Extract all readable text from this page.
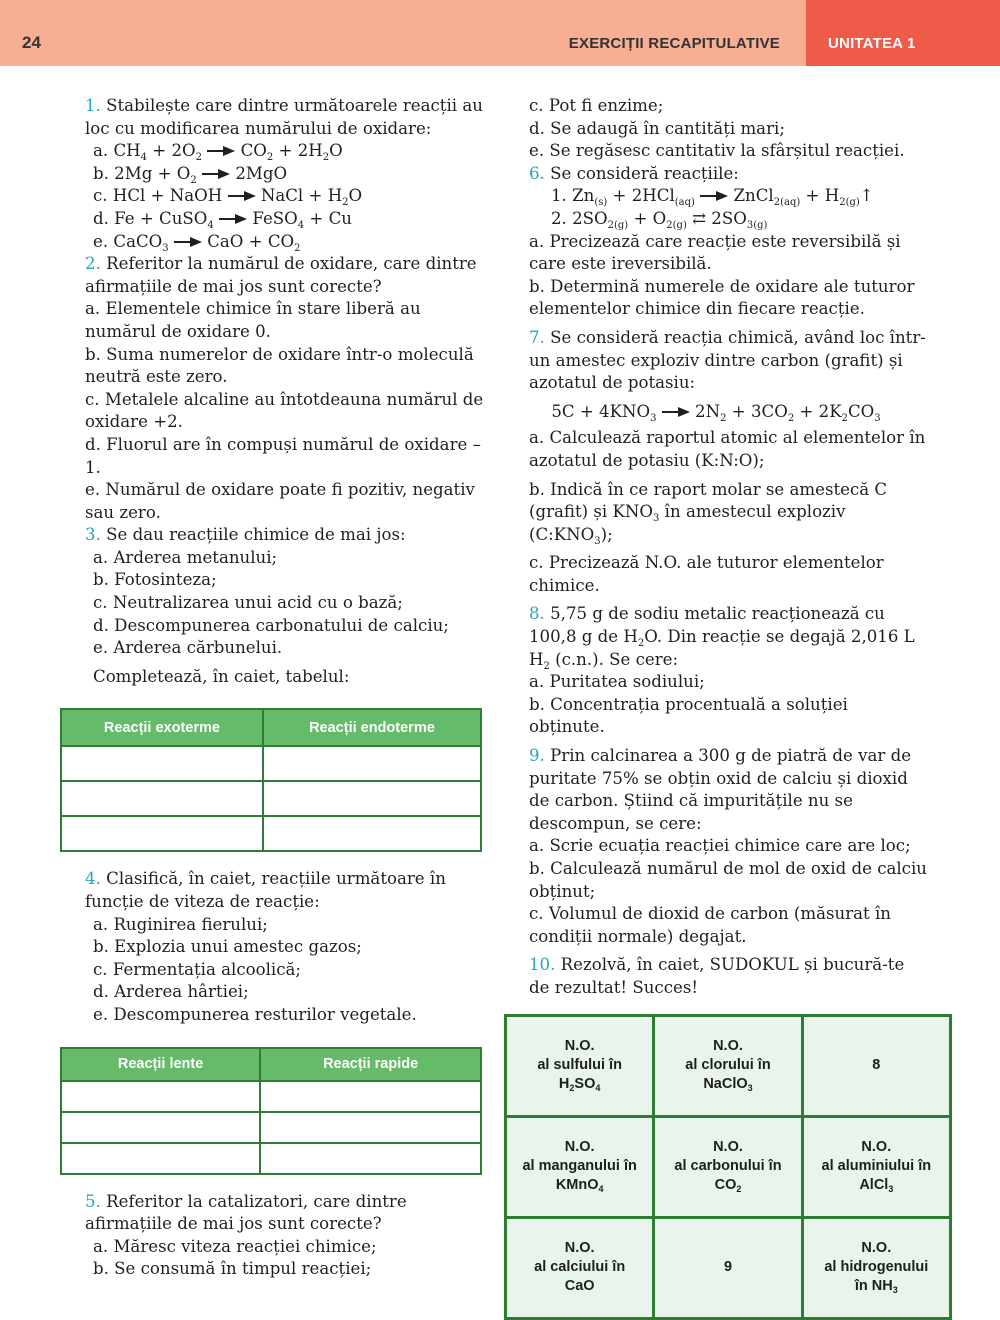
24	EXERCIȚII RECAPITULATIVE	UNITATEA 1

1. Stabilește care dintre următoarele reacții au loc cu modificarea numărului de oxidare:

a. $CH_4 + 2O_2$ $CO_2 + 2H_2O$

b. $2Mg + O_2$ 2MgO

c. HCl + NaOH NaCl + $H_2O$

d. Fe + CuSO$_4$ FeSO$_4$ + Cu

e. CaCO$_3$ CaO + $CO_2$

2. Referitor la numărul de oxidare, care dintre afirmațiile de mai jos sunt corecte?

a. Elementele chimice în stare liberă au numărul de oxidare 0.

b. Suma numerelor de oxidare într-o moleculă neutră este zero.

c. Metalele alcaline au întotdeauna numărul de oxidare +2.

d. Fluorul are în compuși numărul de oxidare –1.

e. Numărul de oxidare poate fi pozitiv, negativ sau zero.

3. Se dau reacțiile chimice de mai jos:

a. Arderea metanului;

b. Fotosinteza;

c. Neutralizarea unui acid cu o bază;

d. Descompunerea carbonatului de calciu;

e. Arderea cărbunelui.

Completează, în caiet, tabelul:

Reacții exoterme	Reacții endoterme

4. Clasifică, în caiet, reacțiile următoare în funcție de viteza de reacție:

a. Ruginirea fierului;

b. Explozia unui amestec gazos;

c. Fermentația alcoolică;

d. Arderea hârtiei;

e. Descompunerea resturilor vegetale.

Reacții lente	Reacții rapide

5. Referitor la catalizatori, care dintre afirmațiile de mai jos sunt corecte?

a. Măresc viteza reacției chimice;

b. Se consumă în timpul reacției;

c. Pot fi enzime;

d. Se adaugă în cantități mari;

e. Se regăsesc cantitativ la sfârșitul reacției.

6. Se consideră reacțiile:

1. $Zn_{(s)} + 2HCl_{(aq)}$ ZnCl$_{2(aq)}$ + $H_{2(g)}↑$

2. $2SO_{2(g)} + O_{2(g)}$ ⇄ $2SO_{3(g)}$

a. Precizează care reacție este reversibilă și care este ireversibilă.

b. Determină numerele de oxidare ale tuturor elementelor chimice din fiecare reacție.

7. Se consideră reacția chimică, având loc într-un amestec exploziv dintre carbon (grafit) și azotatul de potasiu:

$5C + 4KNO_3$ $2N_2 + 3CO_2 + 2K_2CO_3$

a. Calculează raportul atomic al elementelor în azotatul de potasiu (K:N:O);

b. Indică în ce raport molar se amestecă C (grafit) și $KNO_3$ în amestecul exploziv $(C:KNO_3)$;

c. Precizează N.O. ale tuturor elementelor chimice.

8. 5,75 g de sodiu metalic reacționează cu 100,8 g de $H_2O$. Din reacție se degajă 2,016 L $H_2$ (c.n.). Se cere:

a. Puritatea sodiului;

b. Concentrația procentuală a soluției obținute.

9. Prin calcinarea a 300 g de piatră de var de puritate 75% se obțin oxid de calciu și dioxid de carbon. Știind că impuritățile nu se descompun, se cere:

a. Scrie ecuația reacției chimice care are loc;

b. Calculează numărul de mol de oxid de calciu obținut;

c. Volumul de dioxid de carbon (măsurat în condiții normale) degajat.

10. Rezolvă, în caiet, SUDOKUL și bucură-te de rezultat! Succes!

N.O.
al sulfului în
$H_2SO_4$	N.O.
al clorului în
NaClO$_3$	8

N.O.
al manganului în
KMnO$_4$	N.O.
al carbonului în
$CO_2$	N.O.
al aluminiului în
AlCl$_3$

N.O.
al calciului în
CaO	9	N.O.
al hidrogenului
în $NH_3$
